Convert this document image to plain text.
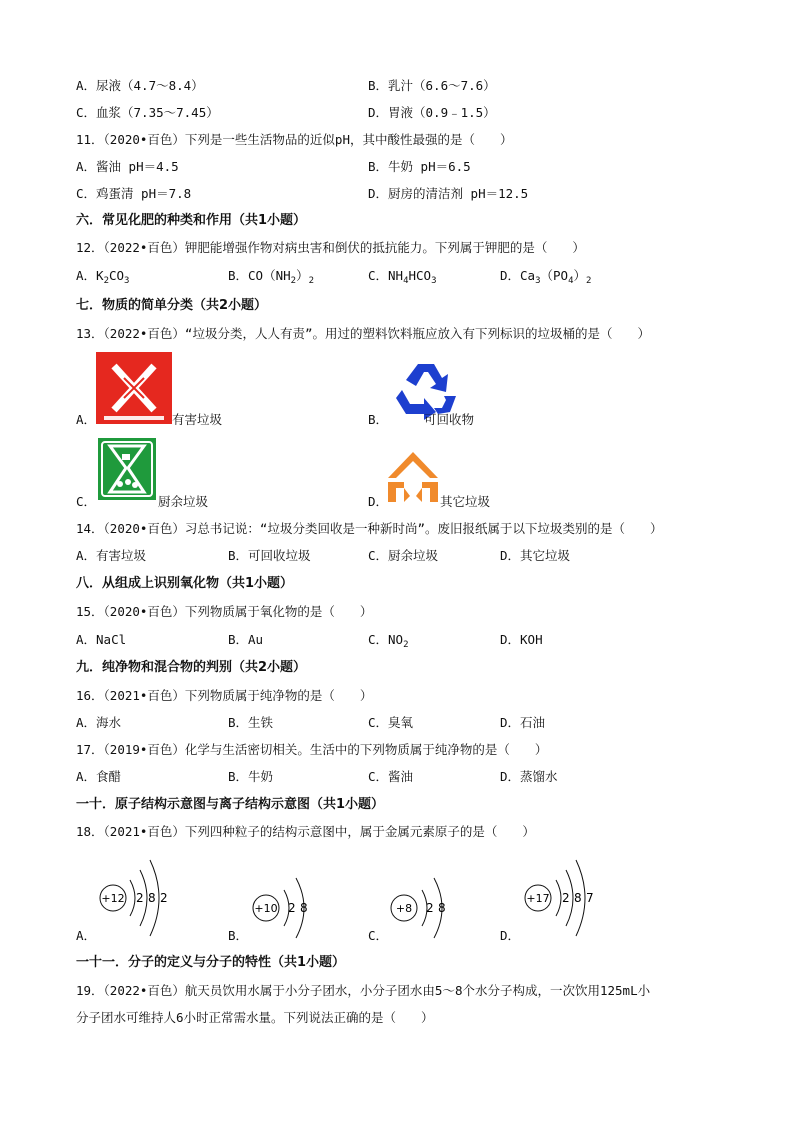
A．尿液（4.7～8.4）	B．乳汁（6.6～7.6）
C．血浆（7.35～7.45）	D．胃液（0.9﹣1.5）
11．（2020•百色）下列是一些生活物品的近似pH，其中酸性最强的是（　　）
A．酱油 pH＝4.5	B．牛奶 pH＝6.5
C．鸡蛋清 pH＝7.8	D．厨房的清洁剂 pH＝12.5
六．常见化肥的种类和作用（共1小题）
12．（2022•百色）钾肥能增强作物对病虫害和倒伏的抵抗能力。下列属于钾肥的是（　　）
A．$K_2CO_3$	B．$CO(NH_2)_2$	C．$NH_4HCO_3$	D．$Ca_3(PO_4)_2$
七．物质的简单分类（共2小题）
13．（2022•百色）“垃圾分类，人人有责”。用过的塑料饮料瓶应放入有下列标识的垃圾桶的是（　　）
A．	有害垃圾	B．	可回收物
C．	厨余垃圾	D．	其它垃圾
14．（2020•百色）习总书记说：“垃圾分类回收是一种新时尚”。废旧报纸属于以下垃圾类别的是（　　）
A．有害垃圾	B．可回收垃圾	C．厨余垃圾	D．其它垃圾
八．从组成上识别氧化物（共1小题）
15．（2020•百色）下列物质属于氧化物的是（　　）
A．NaCl	B．Au	C．$NO_2$	D．KOH
九．纯净物和混合物的判别（共2小题）
16．（2021•百色）下列物质属于纯净物的是（　　）
A．海水	B．生铁	C．臭氧	D．石油
17．（2019•百色）化学与生活密切相关。生活中的下列物质属于纯净物的是（　　）
A．食醋	B．牛奶	C．酱油	D．蒸馏水
一十．原子结构示意图与离子结构示意图（共1小题）
18．（2021•百色）下列四种粒子的结构示意图中，属于金属元素原子的是（　　）
+12 2 8 2
A．
+10 2 8
B．
+8 2 8
C．
+17 2 8 7
D．
一十一．分子的定义与分子的特性（共1小题）
19．（2022•百色）航天员饮用水属于小分子团水，小分子团水由5～8个水分子构成，一次饮用125mL小
分子团水可维持人6小时正常需水量。下列说法正确的是（　　）
